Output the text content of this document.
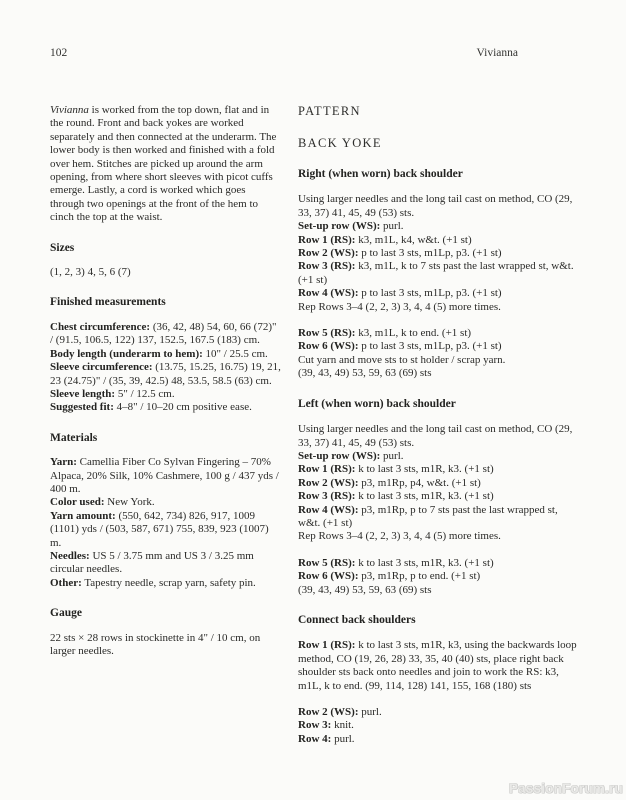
102	Vivianna

Vivianna is worked from the top down, flat and in the round. Front and back yokes are worked separately and then connected at the underarm. The lower body is then worked and finished with a fold over hem. Stitches are picked up around the arm opening, from where short sleeves with picot cuffs emerge. Lastly, a cord is worked which goes through two openings at the front of the hem to cinch the top at the waist.

Sizes

(1, 2, 3) 4, 5, 6 (7)

Finished measurements

Chest circumference: (36, 42, 48) 54, 60, 66 (72)" / (91.5, 106.5, 122) 137, 152.5, 167.5 (183) cm.

Body length (underarm to hem): 10" / 25.5 cm.

Sleeve circumference: (13.75, 15.25, 16.75) 19, 21, 23 (24.75)" / (35, 39, 42.5) 48, 53.5, 58.5 (63) cm.

Sleeve length: 5" / 12.5 cm.

Suggested fit: 4–8" / 10–20 cm positive ease.

Materials

Yarn: Camellia Fiber Co Sylvan Fingering – 70% Alpaca, 20% Silk, 10% Cashmere, 100 g / 437 yds / 400 m.

Color used: New York.

Yarn amount: (550, 642, 734) 826, 917, 1009 (1101) yds / (503, 587, 671) 755, 839, 923 (1007) m.

Needles: US 5 / 3.75 mm and US 3 / 3.25 mm circular needles.

Other: Tapestry needle, scrap yarn, safety pin.

Gauge

22 sts × 28 rows in stockinette in 4" / 10 cm, on larger needles.

PATTERN
BACK YOKE
Right (when worn) back shoulder

Using larger needles and the long tail cast on method, CO (29, 33, 37) 41, 45, 49 (53) sts.

Set-up row (WS): purl.

Row 1 (RS): k3, m1L, k4, w&t. (+1 st)

Row 2 (WS): p to last 3 sts, m1Lp, p3. (+1 st)

Row 3 (RS): k3, m1L, k to 7 sts past the last wrapped st, w&t. (+1 st)

Row 4 (WS): p to last 3 sts, m1Lp, p3. (+1 st)

Rep Rows 3–4 (2, 2, 3) 3, 4, 4 (5) more times.

Row 5 (RS): k3, m1L, k to end. (+1 st)

Row 6 (WS): p to last 3 sts, m1Lp, p3. (+1 st)

Cut yarn and move sts to st holder / scrap yarn.

(39, 43, 49) 53, 59, 63 (69) sts

Left (when worn) back shoulder

Using larger needles and the long tail cast on method, CO (29, 33, 37) 41, 45, 49 (53) sts.

Set-up row (WS): purl.

Row 1 (RS): k to last 3 sts, m1R, k3. (+1 st)

Row 2 (WS): p3, m1Rp, p4, w&t. (+1 st)

Row 3 (RS): k to last 3 sts, m1R, k3. (+1 st)

Row 4 (WS): p3, m1Rp, p to 7 sts past the last wrapped st, w&t. (+1 st)

Rep Rows 3–4 (2, 2, 3) 3, 4, 4 (5) more times.

Row 5 (RS): k to last 3 sts, m1R, k3. (+1 st)

Row 6 (WS): p3, m1Rp, p to end. (+1 st)

(39, 43, 49) 53, 59, 63 (69) sts

Connect back shoulders

Row 1 (RS): k to last 3 sts, m1R, k3, using the backwards loop method, CO (19, 26, 28) 33, 35, 40 (40) sts, place right back shoulder sts back onto needles and join to work the RS: k3, m1L, k to end. (99, 114, 128) 141, 155, 168 (180) sts

Row 2 (WS): purl.

Row 3: knit.

Row 4: purl.

PassionForum.ru
